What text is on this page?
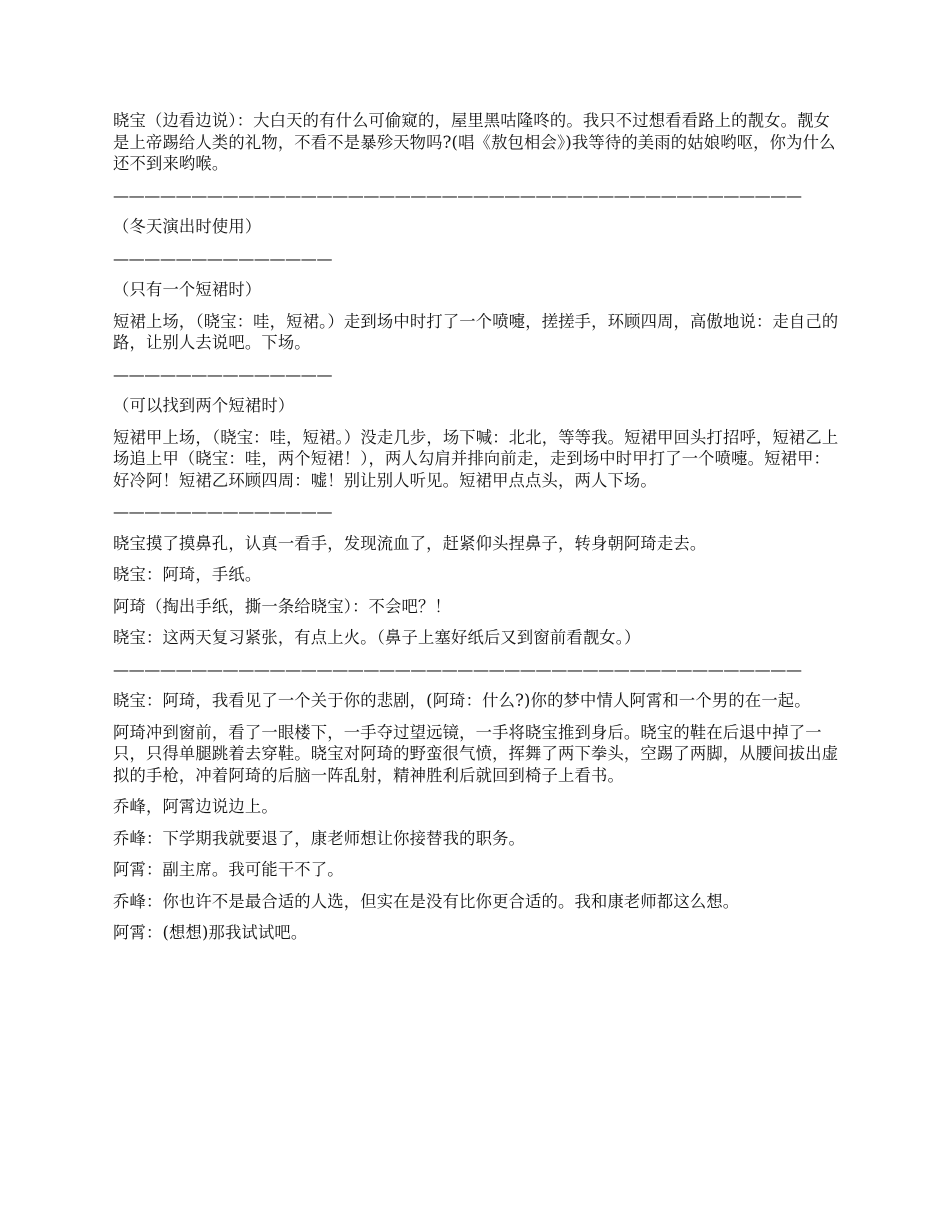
晓宝（边看边说）：大白天的有什么可偷窥的，屋里黑咕隆咚的。我只不过想看看路上的靓女。靓女是上帝踢给人类的礼物，不看不是暴殄天物吗?(唱《敖包相会》)我等待的美雨的姑娘哟呕，你为什么还不到来哟喉。

————————————————————————————————————————————

（冬天演出时使用）

——————————————

（只有一个短裙时）

短裙上场，（晓宝：哇，短裙。）走到场中时打了一个喷嚏，搓搓手，环顾四周，高傲地说：走自己的路，让别人去说吧。下场。

——————————————

（可以找到两个短裙时）

短裙甲上场，（晓宝：哇，短裙。）没走几步，场下喊：北北，等等我。短裙甲回头打招呼，短裙乙上场追上甲（晓宝：哇，两个短裙！），两人勾肩并排向前走，走到场中时甲打了一个喷嚏。短裙甲：好冷阿！短裙乙环顾四周：嘘！别让别人听见。短裙甲点点头，两人下场。

——————————————

晓宝摸了摸鼻孔，认真一看手，发现流血了，赶紧仰头捏鼻子，转身朝阿琦走去。

晓宝：阿琦，手纸。

阿琦（掏出手纸，撕一条给晓宝）：不会吧？！

晓宝：这两天复习紧张，有点上火。（鼻子上塞好纸后又到窗前看靓女。）

————————————————————————————————————————————

晓宝：阿琦，我看见了一个关于你的悲剧，(阿琦：什么?)你的梦中情人阿霄和一个男的在一起。

阿琦冲到窗前，看了一眼楼下，一手夺过望远镜，一手将晓宝推到身后。晓宝的鞋在后退中掉了一只，只得单腿跳着去穿鞋。晓宝对阿琦的野蛮很气愤，挥舞了两下拳头，空踢了两脚，从腰间拔出虚拟的手枪，冲着阿琦的后脑一阵乱射，精神胜利后就回到椅子上看书。

乔峰，阿霄边说边上。

乔峰：下学期我就要退了，康老师想让你接替我的职务。

阿霄：副主席。我可能干不了。

乔峰：你也许不是最合适的人选，但实在是没有比你更合适的。我和康老师都这么想。

阿霄：(想想)那我试试吧。
